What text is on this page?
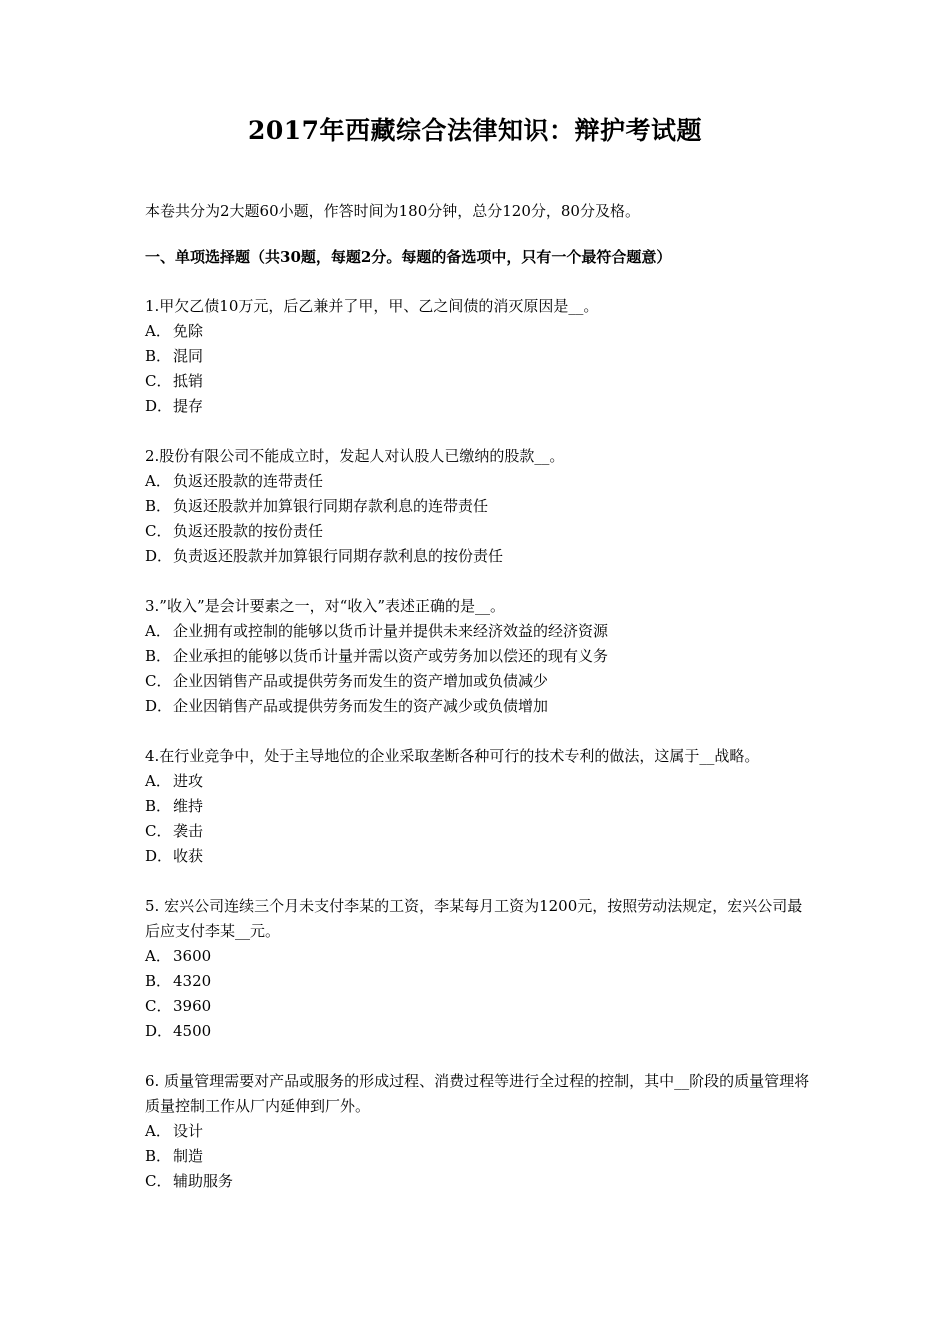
2017年西藏综合法律知识：辩护考试题

本卷共分为2大题60小题，作答时间为180分钟，总分120分，80分及格。

一、单项选择题（共30题，每题2分。每题的备选项中，只有一个最符合题意）

1.甲欠乙债10万元，后乙兼并了甲，甲、乙之间债的消灭原因是__。

A． 免除

B． 混同

C． 抵销

D．提存

2.股份有限公司不能成立时，发起人对认股人已缴纳的股款__。

A． 负返还股款的连带责任

B． 负返还股款并加算银行同期存款利息的连带责任

C． 负返还股款的按份责任

D．负责返还股款并加算银行同期存款利息的按份责任

3.”收入”是会计要素之一，对“收入”表述正确的是__。

A． 企业拥有或控制的能够以货币计量并提供未来经济效益的经济资源

B． 企业承担的能够以货币计量并需以资产或劳务加以偿还的现有义务

C． 企业因销售产品或提供劳务而发生的资产增加或负债减少

D．企业因销售产品或提供劳务而发生的资产减少或负债增加

4.在行业竞争中，处于主导地位的企业采取垄断各种可行的技术专利的做法，这属于__战略。

A． 进攻

B． 维持

C． 袭击

D．收获

5. 宏兴公司连续三个月未支付李某的工资，李某每月工资为1200元，按照劳动法规定，宏兴公司最后应支付李某__元。

A． 3600

B． 4320

C． 3960

D．4500

6. 质量管理需要对产品或服务的形成过程、消费过程等进行全过程的控制，其中__阶段的质量管理将质量控制工作从厂内延伸到厂外。

A． 设计

B． 制造

C． 辅助服务
